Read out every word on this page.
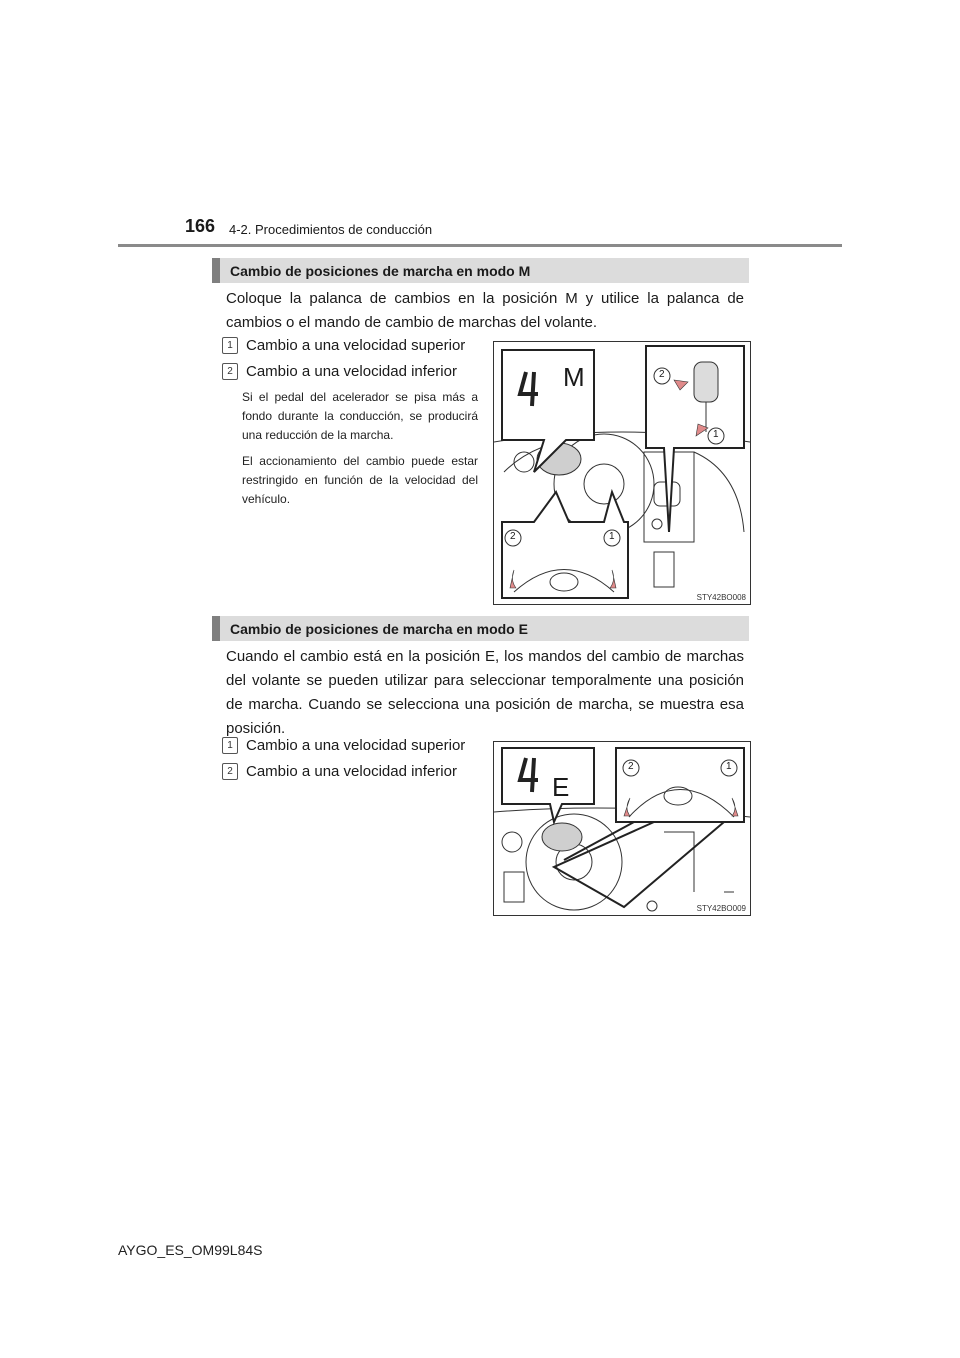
166 4-2. Procedimientos de conducción
Cambio de posiciones de marcha en modo M
Coloque la palanca de cambios en la posición M y utilice la palanca de cambios o el mando de cambio de marchas del volante.
1 Cambio a una velocidad superior
2 Cambio a una velocidad inferior
Si el pedal del acelerador se pisa más a fondo durante la conducción, se producirá una reducción de la marcha.
El accionamiento del cambio puede estar restringido en función de la velocidad del vehículo.
M	2
1
2	1
STY42BO008
Cambio de posiciones de marcha en modo E
Cuando el cambio está en la posición E, los mandos del cambio de marchas del volante se pueden utilizar para seleccionar temporalmente una posición de marcha. Cuando se selecciona una posición de marcha, se muestra esa posición.
1 Cambio a una velocidad superior
2 Cambio a una velocidad inferior
E
2	1
STY42BO009
AYGO_ES_OM99L84S
